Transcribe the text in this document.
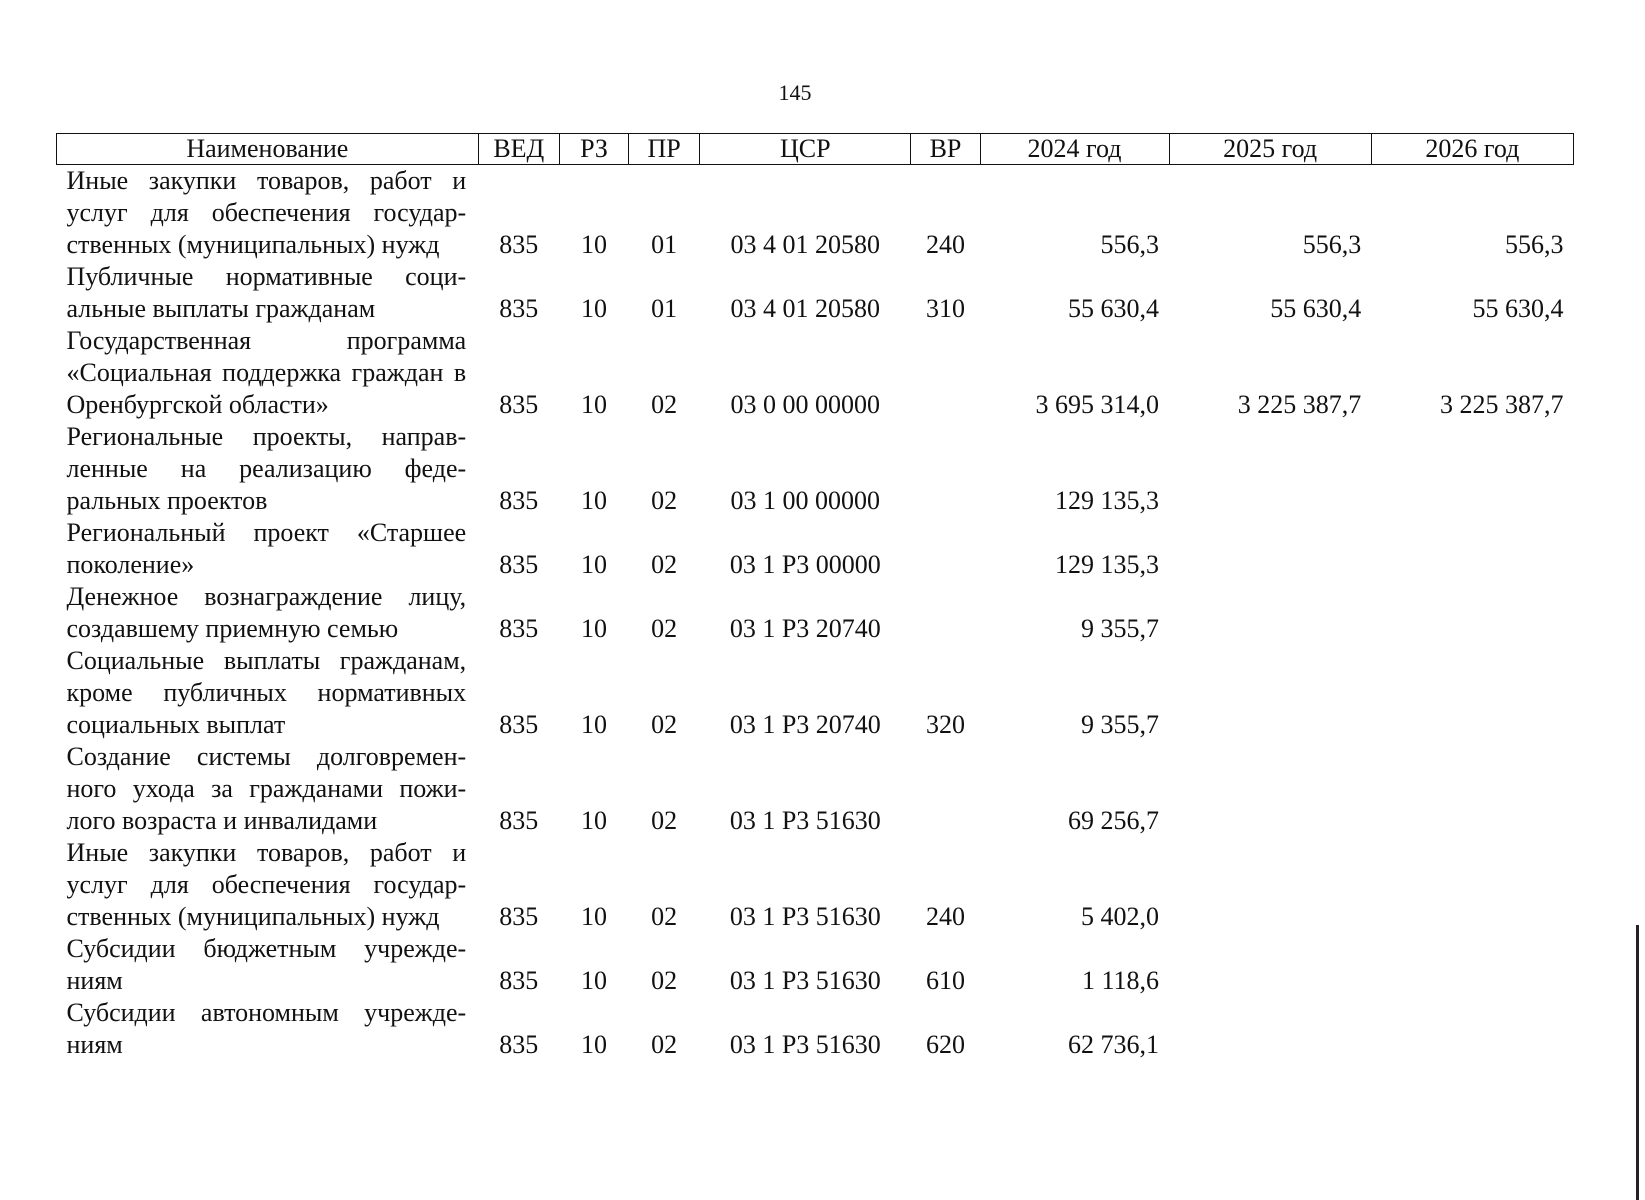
145
Наименование	ВЕД	РЗ	ПР	ЦСР	ВР	2024 год	2025 год	2026 год
Иные закупки товаров, работ и услуг для обеспечения государ-ственных (муниципальных) нужд	835	10	01	03 4 01 20580	240	556,3	556,3	556,3
Публичные нормативные соци-альные выплаты гражданам	835	10	01	03 4 01 20580	310	55 630,4	55 630,4	55 630,4
Государственная программа «Социальная поддержка граждан в Оренбургской области»	835	10	02	03 0 00 00000		3 695 314,0	3 225 387,7	3 225 387,7
Региональные проекты, направ-ленные на реализацию феде-ральных проектов	835	10	02	03 1 00 00000		129 135,3		
Региональный проект «Старшее поколение»	835	10	02	03 1 Р3 00000		129 135,3		
Денежное вознаграждение лицу, создавшему приемную семью	835	10	02	03 1 Р3 20740		9 355,7		
Социальные выплаты гражданам, кроме публичных нормативных социальных выплат	835	10	02	03 1 Р3 20740	320	9 355,7		
Создание системы долговремен-ного ухода за гражданами пожи-лого возраста и инвалидами	835	10	02	03 1 Р3 51630		69 256,7		
Иные закупки товаров, работ и услуг для обеспечения государ-ственных (муниципальных) нужд	835	10	02	03 1 Р3 51630	240	5 402,0		
Субсидии бюджетным учрежде-ниям	835	10	02	03 1 Р3 51630	610	1 118,6		
Субсидии автономным учрежде-ниям	835	10	02	03 1 Р3 51630	620	62 736,1		
